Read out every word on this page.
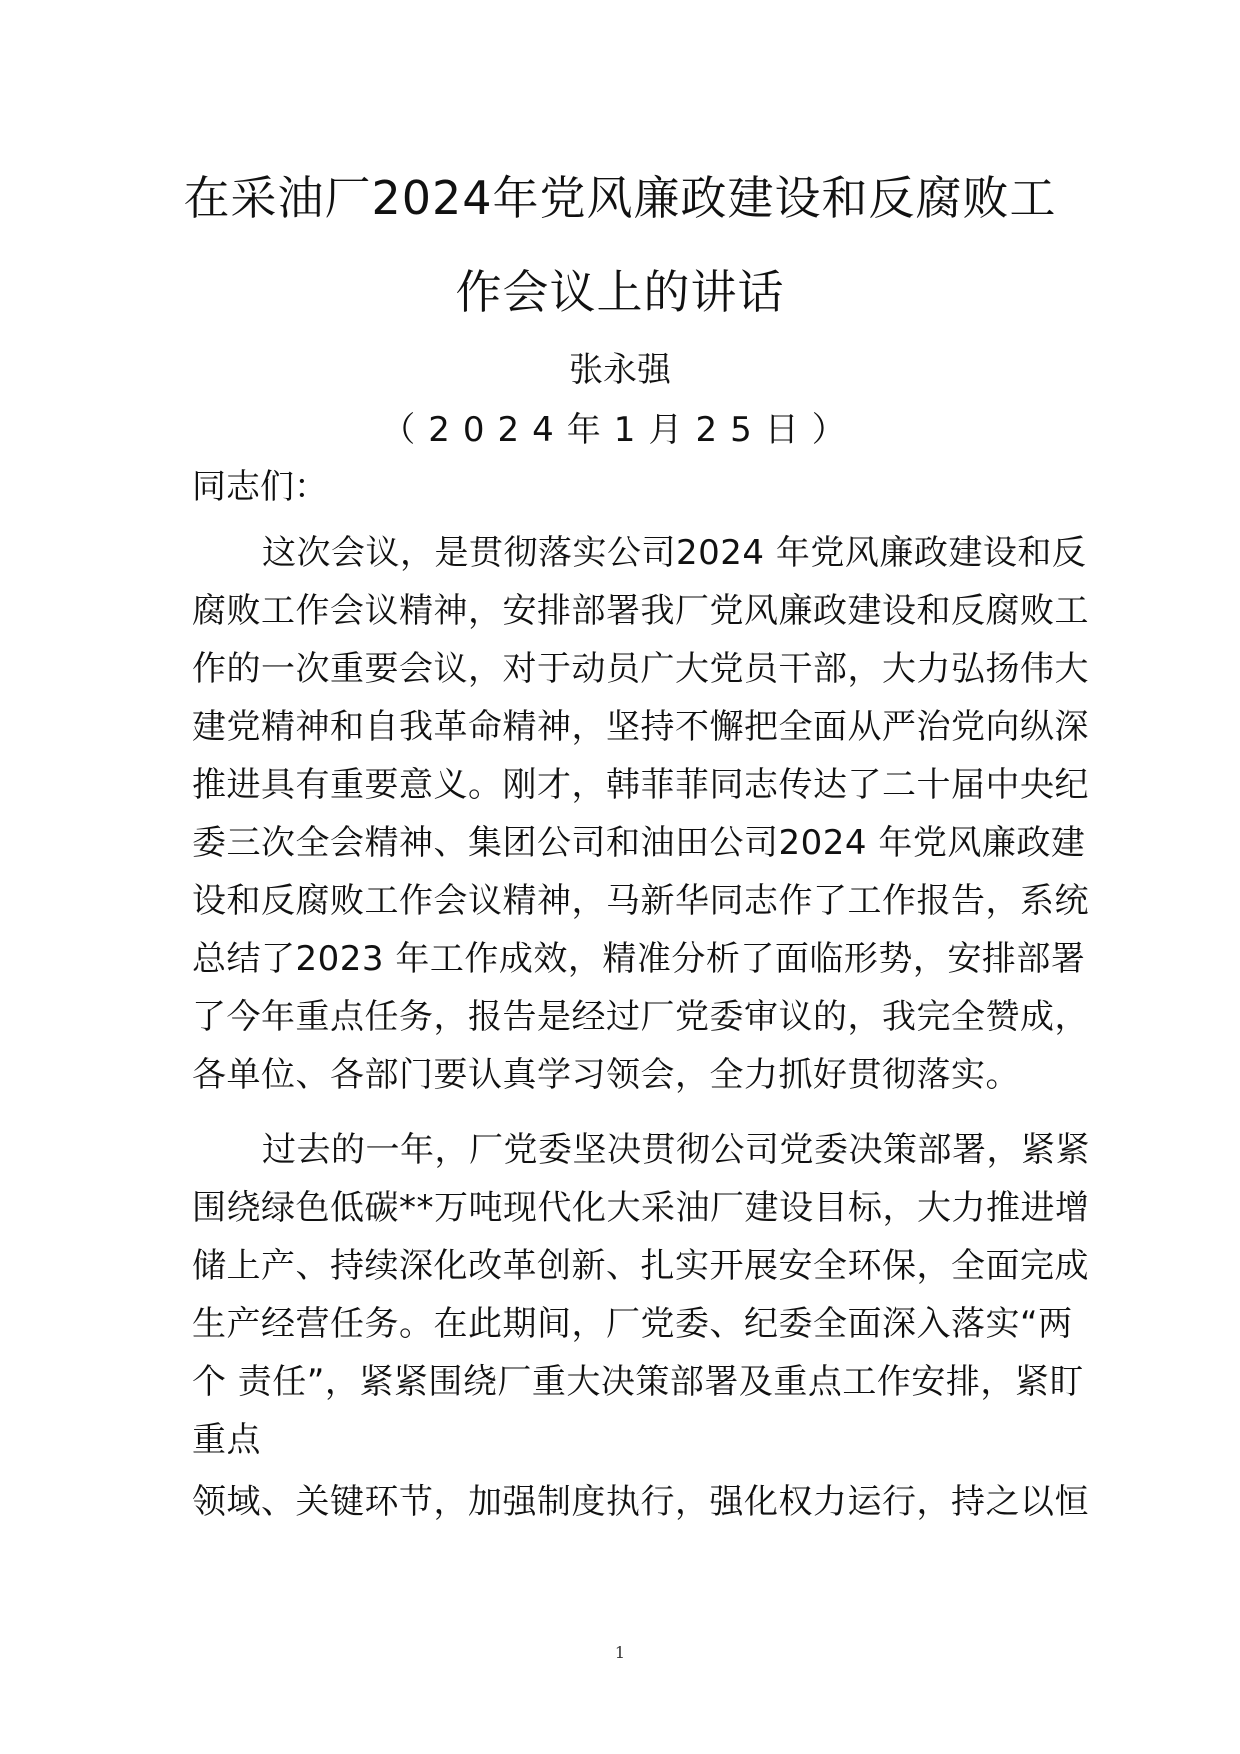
在采油厂2024年党风廉政建设和反腐败工
作会议上的讲话
张永强
（2024年1月25日）
同志们：
这次会议，是贯彻落实公司2024 年党风廉政建设和反
腐败工作会议精神，安排部署我厂党风廉政建设和反腐败工
作的一次重要会议，对于动员广大党员干部，大力弘扬伟大
建党精神和自我革命精神，坚持不懈把全面从严治党向纵深
推进具有重要意义。刚才，韩菲菲同志传达了二十届中央纪
委三次全会精神、集团公司和油田公司2024 年党风廉政建
设和反腐败工作会议精神，马新华同志作了工作报告，系统
总结了2023 年工作成效，精准分析了面临形势，安排部署
了今年重点任务，报告是经过厂党委审议的，我完全赞成，
各单位、各部门要认真学习领会，全力抓好贯彻落实。
过去的一年，厂党委坚决贯彻公司党委决策部署，紧紧
围绕绿色低碳**万吨现代化大采油厂建设目标，大力推进增
储上产、持续深化改革创新、扎实开展安全环保，全面完成
生产经营任务。在此期间，厂党委、纪委全面深入落实“两
个 责任”，紧紧围绕厂重大决策部署及重点工作安排，紧盯
重点
领域、关键环节，加强制度执行，强化权力运行，持之以恒
1
